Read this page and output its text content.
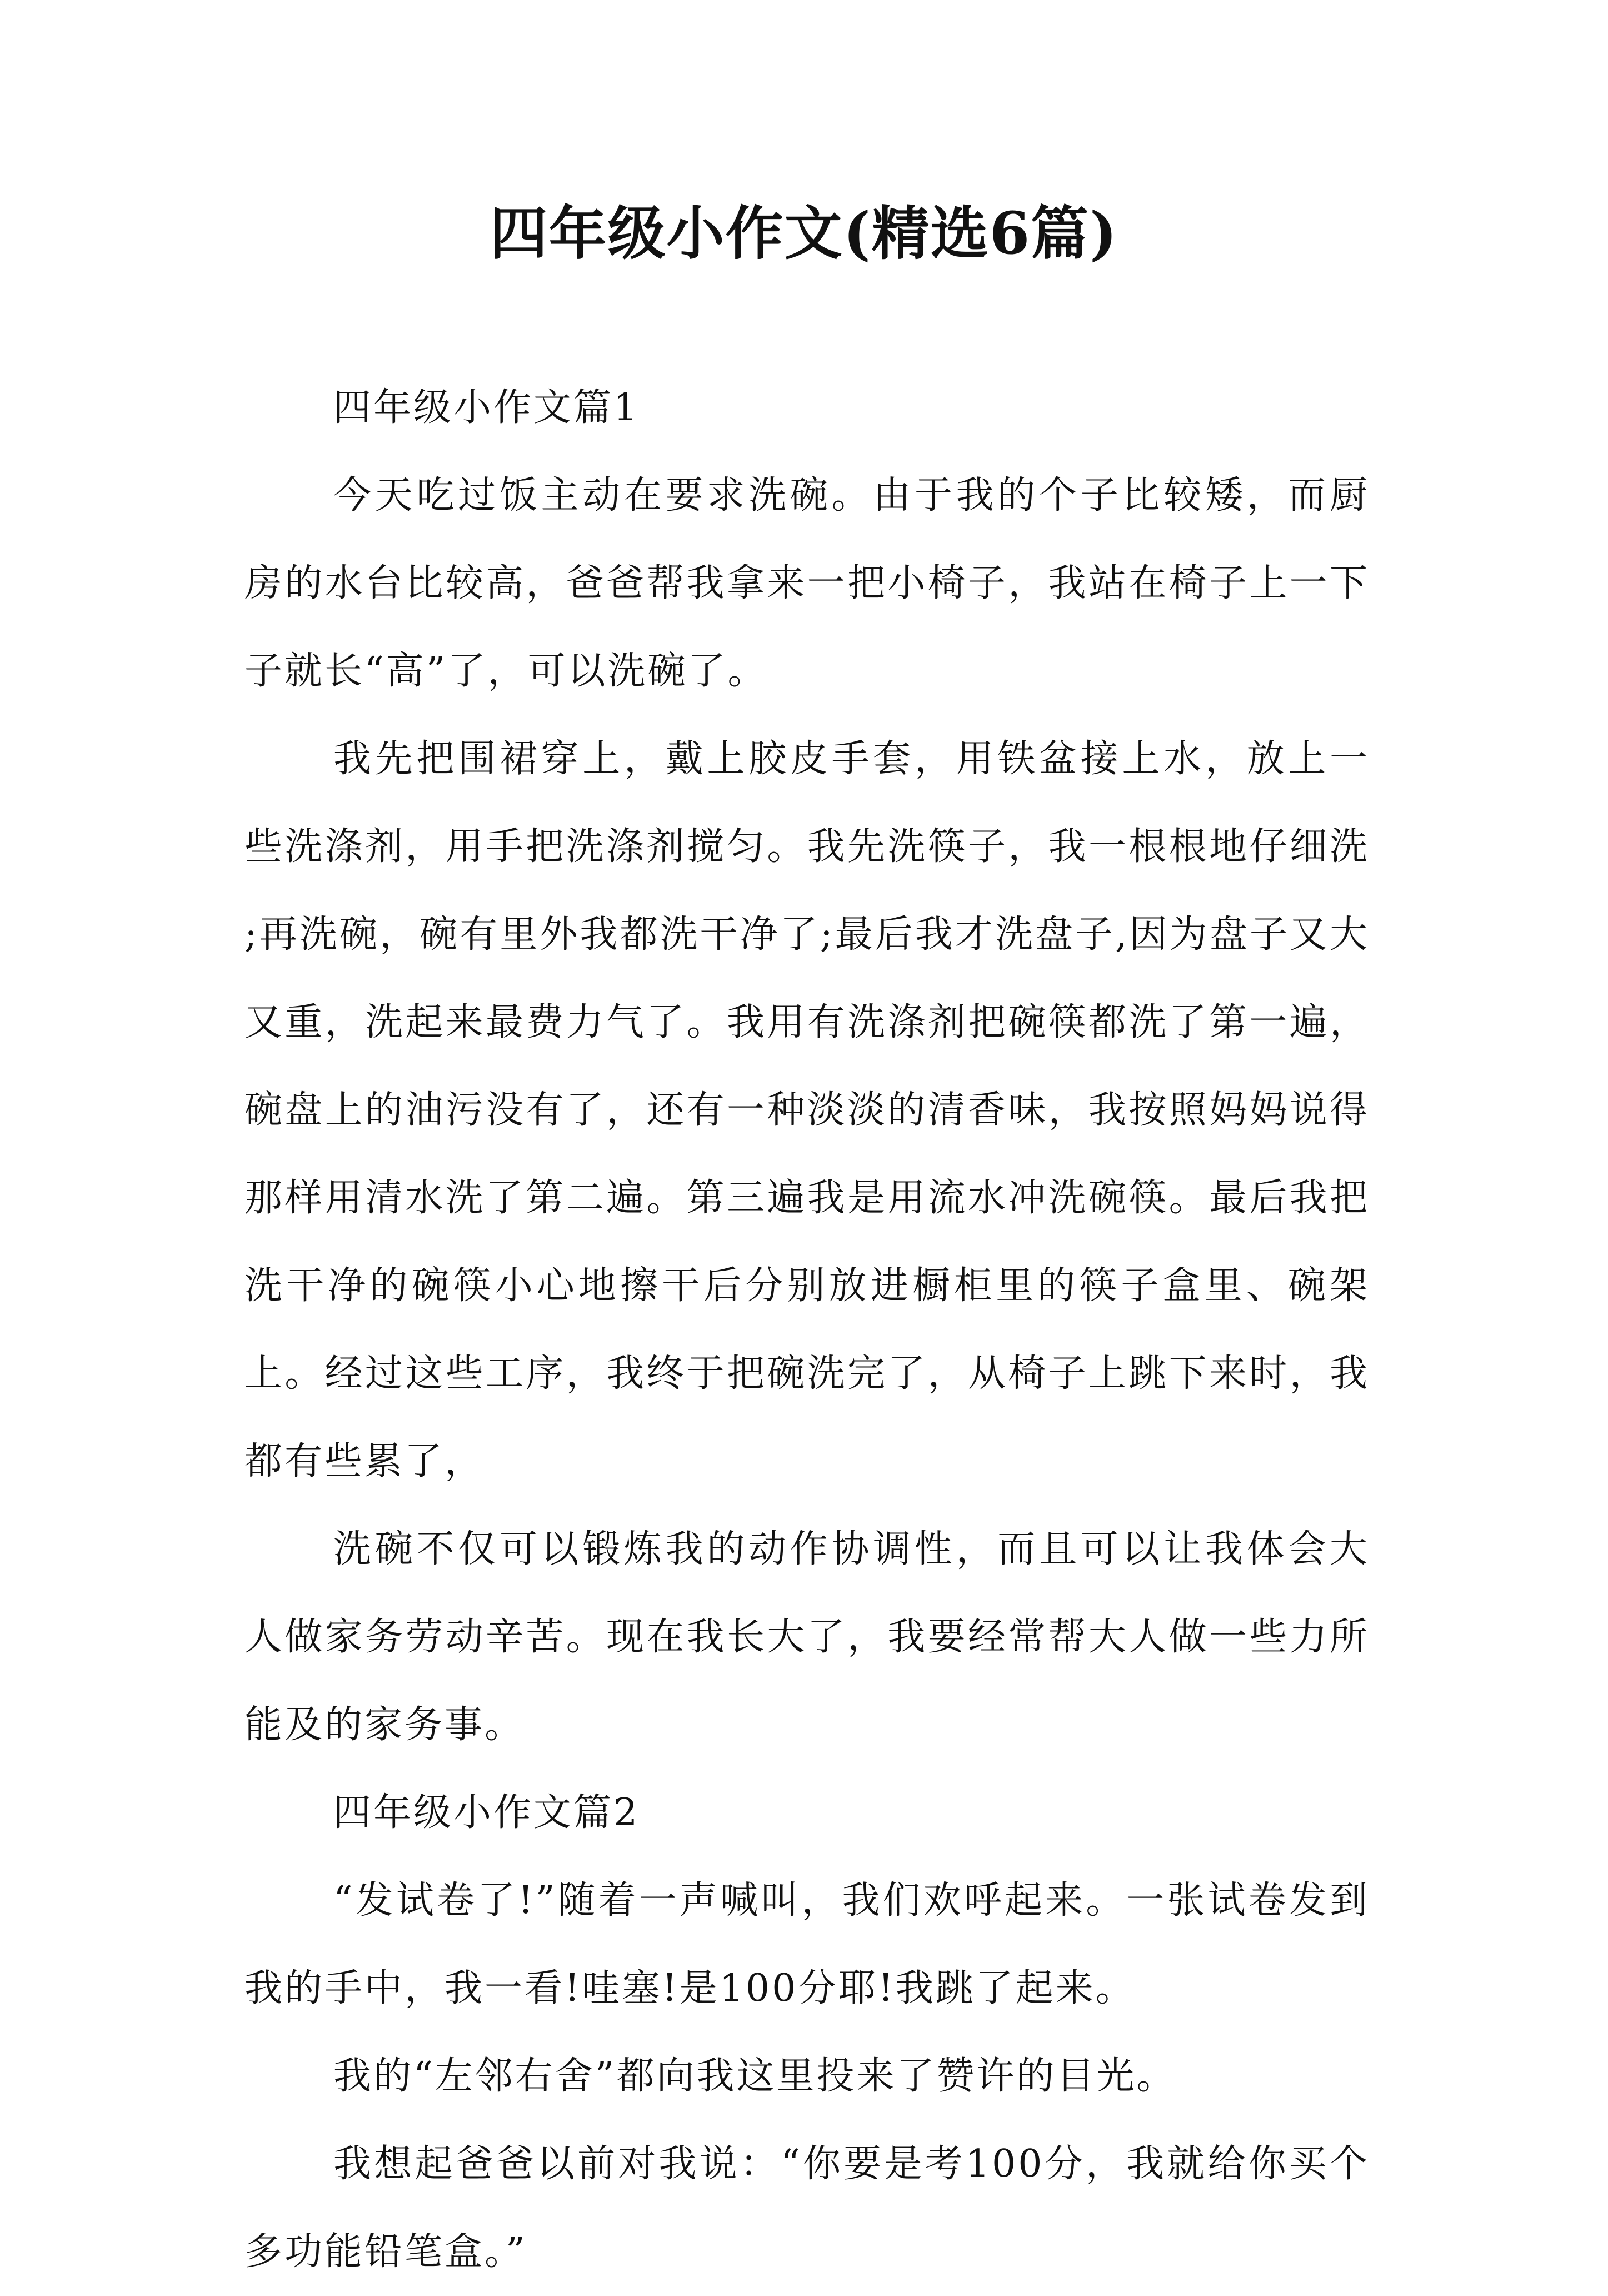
四年级小作文(精选6篇)
四年级小作文篇1

今天吃过饭主动在要求洗碗。由于我的个子比较矮，而厨房的水台比较高，爸爸帮我拿来一把小椅子，我站在椅子上一下子就长“高”了，可以洗碗了。

我先把围裙穿上，戴上胶皮手套，用铁盆接上水，放上一些洗涤剂，用手把洗涤剂搅匀。我先洗筷子，我一根根地仔细洗 ;再洗碗，碗有里外我都洗干净了;最后我才洗盘子,因为盘子又大又重，洗起来最费力气了。我用有洗涤剂把碗筷都洗了第一遍，碗盘上的油污没有了，还有一种淡淡的清香味，我按照妈妈说得那样用清水洗了第二遍。第三遍我是用流水冲洗碗筷。最后我把洗干净的碗筷小心地擦干后分别放进橱柜里的筷子盒里、碗架上。经过这些工序，我终于把碗洗完了，从椅子上跳下来时，我都有些累了，

洗碗不仅可以锻炼我的动作协调性，而且可以让我体会大人做家务劳动辛苦。现在我长大了，我要经常帮大人做一些力所能及的家务事。

四年级小作文篇2

“发试卷了!”随着一声喊叫，我们欢呼起来。一张试卷发到我的手中，我一看!哇塞!是100分耶!我跳了起来。

我的“左邻右舍”都向我这里投来了赞许的目光。

我想起爸爸以前对我说：“你要是考100分，我就给你买个多功能铅笔盒。”
